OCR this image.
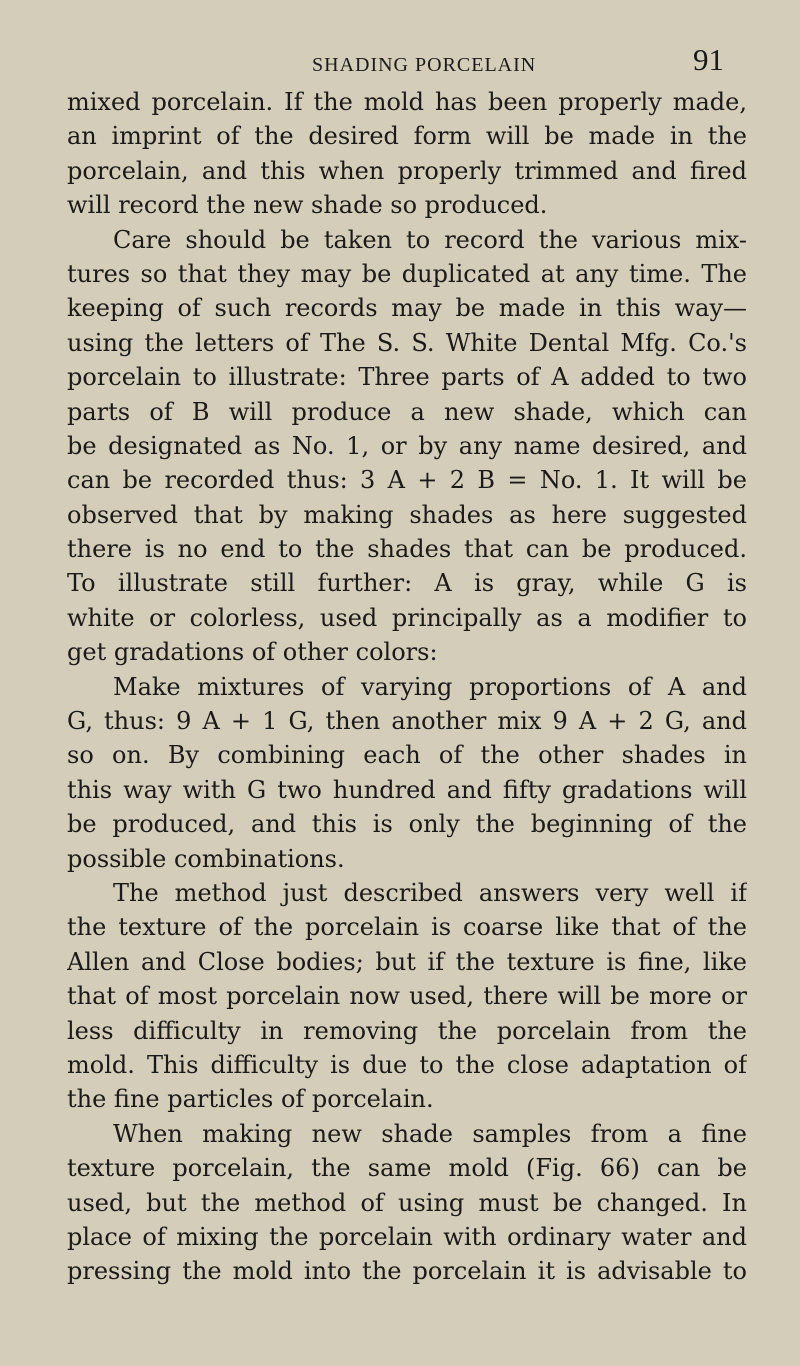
SHADING PORCELAIN	91
mixed porcelain. If the mold has been properly made,
an imprint of the desired form will be made in the
porcelain, and this when properly trimmed and fired
will record the new shade so produced.
Care should be taken to record the various mix-
tures so that they may be duplicated at any time. The
keeping of such records may be made in this way—
using the letters of The S. S. White Dental Mfg. Co.'s
porcelain to illustrate: Three parts of A added to two
parts of B will produce a new shade, which can
be designated as No. 1, or by any name desired, and
can be recorded thus: 3 A + 2 B = No. 1. It will be
observed that by making shades as here suggested
there is no end to the shades that can be produced.
To illustrate still further: A is gray, while G is
white or colorless, used principally as a modifier to
get gradations of other colors:
Make mixtures of varying proportions of A and
G, thus: 9 A + 1 G, then another mix 9 A + 2 G, and
so on. By combining each of the other shades in
this way with G two hundred and fifty gradations will
be produced, and this is only the beginning of the
possible combinations.
The method just described answers very well if
the texture of the porcelain is coarse like that of the
Allen and Close bodies; but if the texture is fine, like
that of most porcelain now used, there will be more or
less difficulty in removing the porcelain from the
mold. This difficulty is due to the close adaptation of
the fine particles of porcelain.
When making new shade samples from a fine
texture porcelain, the same mold (Fig. 66) can be
used, but the method of using must be changed. In
place of mixing the porcelain with ordinary water and
pressing the mold into the porcelain it is advisable to
